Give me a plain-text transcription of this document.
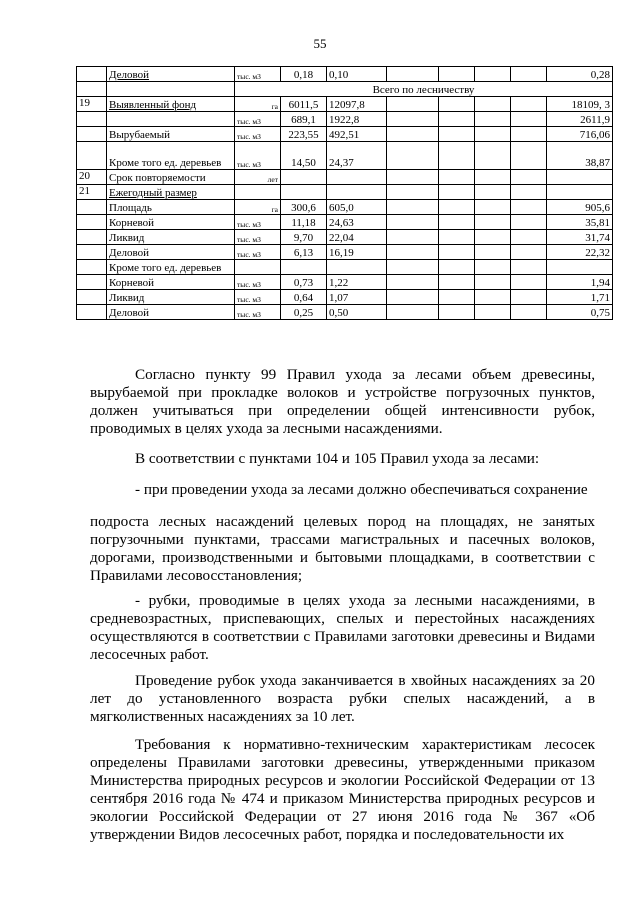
55
	Деловой	тыс. м3	0,18	0,10					0,28
		Всего по лесничеству							
19	Выявленный фонд	га	6011,5	12097,8					18109, 3
		тыс. м3	689,1	1922,8					2611,9
	Вырубаемый	тыс. м3	223,55	492,51					716,06
	Кроме того ед. деревьев	тыс. м3	14,50	24,37					38,87
20	Срок повторяемости	лет							
21	Ежегодный размер								
	Площадь	га	300,6	605,0					905,6
	Корневой	тыс. м3	11,18	24,63					35,81
	Ликвид	тыс. м3	9,70	22,04					31,74
	Деловой	тыс. м3	6,13	16,19					22,32
	Кроме того ед. деревьев								
	Корневой	тыс. м3	0,73	1,22					1,94
	Ликвид	тыс. м3	0,64	1,07					1,71
	Деловой	тыс. м3	0,25	0,50					0,75

Согласно пункту 99 Правил ухода за лесами объем древесины, вырубаемой при прокладке волоков и устройстве погрузочных пунктов, должен учитываться при определении общей интенсивности рубок, проводимых в целях ухода за лесными насаждениями.

В соответствии с пунктами 104 и 105 Правил ухода за лесами:

- при проведении ухода за лесами должно обеспечиваться сохранение

подроста лесных насаждений целевых пород на площадях, не занятых погрузочными пунктами, трассами магистральных и пасечных волоков, дорогами, производственными и бытовыми площадками, в соответствии с Правилами лесовосстановления;

- рубки, проводимые в целях ухода за лесными насаждениями, в средневозрастных, приспевающих, спелых и перестойных насаждениях осуществляются в соответствии с Правилами заготовки древесины и Видами лесосечных работ.

Проведение рубок ухода заканчивается в хвойных насаждениях за 20 лет до установленного возраста рубки спелых насаждений, а в мягколиственных насаждениях за 10 лет.

Требования к нормативно-техническим характеристикам лесосек определены Правилами заготовки древесины, утвержденными приказом Министерства природных ресурсов и экологии Российской Федерации от 13 сентября 2016 года № 474 и приказом Министерства природных ресурсов и экологии Российской Федерации от 27 июня 2016 года № 367 «Об утверждении Видов лесосечных работ, порядка и последовательности их
